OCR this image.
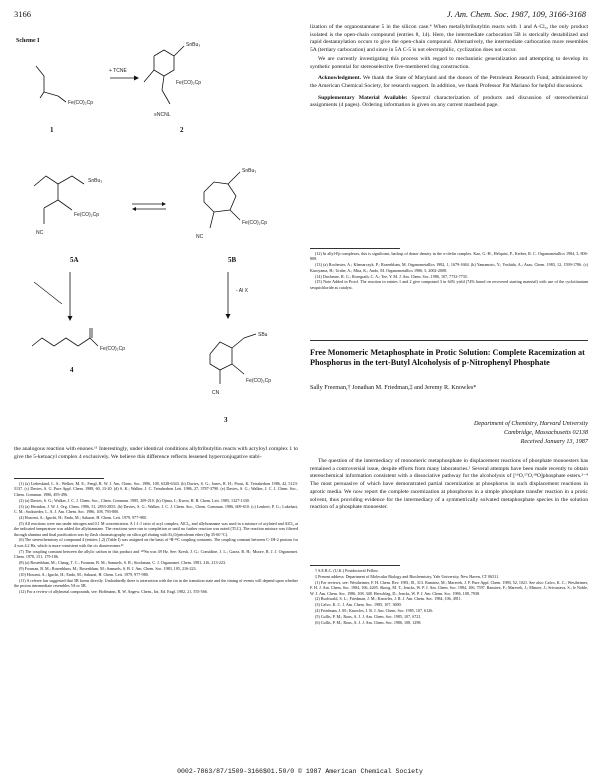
3166	J. Am. Chem. Soc. 1987, 109, 3166-3168
Scheme I
Fe(CO)₂Cp
1
+ TCNE
SnBu₃
Fe(CO)₂Cp
≡NCNL
2
SnBu₃
Fe(CO)₂Cp
NC
5A
SnBu₃
Fe(CO)₂Cp
NC
5B
Fe(CO)₂Cp
4
- Al X
SBu
Fe(CO)₂Cp
CN
3

the analogous reaction with enones.¹¹ Interestingly, under identical conditions allyltributyltin reacts with acryloyl complex 1 to give the 5-ketoacyl complex 4 exclusively. We believe this difference reflects lessened hyperconjugative stabi-

(1) (a) Liebeskind, L. S.; Welker, M. E.; Fengl, R. W. J. Am. Chem. Soc. 1986, 108, 6328-6343. (b) Davies, S. G.; Jones, R. H.; Prout, K. Tetrahedron 1986, 42, 5123-5137. (c) Davies, S. G. Pure Appl. Chem. 1988, 60, 13-20. (d) S. K.; Walker, J. C. Tetrahedron Lett. 1986, 27, 3787-3790. (e) Davies, S. G.; Walker, J. C. J. Chem. Soc., Chem. Commun. 1986, 495-496.

(2) (a) Davies, S. G.; Walker, J. C. J. Chem. Soc., Chem. Commun. 1985, 209-210. (b) Ojima, I.; Kwon, H. B. Chem. Lett. 1985, 1327-1330.

(3) (a) Herndon, J. W. J. Org. Chem. 1986, 51, 2853-2855. (b) Davies, S. G.; Walker, J. C. J. Chem. Soc., Chem. Commun. 1986, 609-610. (c) Lenhert, P. G.; Lukehart, C. M.; Sacksteder, L. A. J. Am. Chem. Soc. 1986, 108, 793-800.

(4) Hosomi, A.; Iguchi, H.; Endo, M.; Sakurai, H. Chem. Lett. 1979, 977-980.

(5) All reactions were run under nitrogen and 0.1 M concentration. A 1:1:1 ratio of acyl complex, AlCl₃, and allylstannane was used in a mixture of acylated and AlCl₃ at the indicated temperature was added the allylstannane. The reactions were run to completion or until no further reaction was noted (TLC). The reaction mixture was filtered through alumina and final purification was by flash chromatography on silica gel eluting with Et₂O/petroleum ether (bp 35-60 °C).

(6) The stereochemistry of compound 4 (entries 1,2) (Table I) was assigned on the basis of ¹H-¹³C coupling constants. The coupling constant between C-1H-2 protons for 4 was 4.2 Hz, which is more consistent with the cis diastereomer.¹²

(7) The coupling constant between the allylic carbon in this product and ¹¹⁹Sn was 49 Hz. See: Kresh, J. G.; Considine, J. L.; Garza, R. H.; Moore, R. J. J. Organomet. Chem. 1978, 151, 179-186.

(8) (a) Rosenblum, M.; Chang, T. C.; Foxman, B. M.; Samuels, S. B.; Stockman, C. J. Organomet. Chem. 1981, 216, 213-223.

(9) Foxman, B. M.; Rosenblum, M.; Rosenblum, M.; Samuels, S. B. J. Am. Chem. Soc. 1983, 105, 216-223.

(10) Hosomi, A.; Iguchi, H.; Endo, M.; Sakurai, H. Chem. Lett. 1979, 977-980.

(11) A referee has suggested that 5B forms directly. Undoubtedly there is interaction with the tin in the transition state and the timing of events will depend upon whether the proton intermediate resembles 5A or 5B.

(12) For a review of allylmetal compounds, see: Hoffmann, R. W. Angew. Chem., Int. Ed. Engl. 1982, 21, 555-566.

lization of the organostannane 5 in the silicon case.⁴ When metallyltributyltin reacts with 1 and A·Cl₃, the only product isolated is the open-chain compound (entries 8, 14). Here, the intermediate carbocation 5B is sterically destabilized and rapid destannylation occurs to give the open-chain compound. Alternatively, the intermediate carbocation more resembles 5A (tertiary carbocation) and since in 5A C-5 is not electrophilic, cyclization does not occur.

We are currently investigating this process with regard to mechanistic generalization and attempting to develop its synthetic potential for stereoselective five-membered ring construction.

Acknowledgment. We thank the State of Maryland and the donors of the Petroleum Research Fund, administered by the American Chemical Society, for research support. In addition, we thank Professor Pat Mariano for helpful discussions.

Supplementary Material Available: Spectral characterization of products and discussion of stereochemical assignments (4 pages). Ordering information is given on any current masthead page.

(12) In allyl-Fp complexes, this is significant, backup of donor density in the π-olefin complex. Kao, G.-H., Helquist, P., Kerber, R. C. Organometallics 1984, 3, 806-808.

(13) (a) Rochester, A.; Klemarczyk, P.; Rosenblum, M. Organometallics 1982, 1, 1679-1684. (b) Yamamoto, Y.; Yoshida, A.; Asao, Chem. 1983, 12, 1599-1786. (c) Kuroyama, H.; Urabe, A.; Mita, K.; Ando, M. Organometallics 1986, 5, 2002-2008.

(14) Duchesne, R. G.; Rosegrath, C. A.; Tee, Y. M. J. Am. Chem. Soc. 1986, 107, 7733-7735.

(15) Note Added in Proof. The reaction in entries 1 and 2 give compound 3 in 64% yield (74% based on recovered starting material) with use of the cyclotitanium sesquichloride as catalyst.

Free Monomeric Metaphosphate in Protic Solution: Complete Racemization at Phosphorus in the tert-Butyl Alcoholysis of p-Nitrophenyl Phosphate
Sally Freeman,† Jonathan M. Friedman,‡ and Jeremy R. Knowles*
Department of Chemistry, Harvard University
Cambridge, Massachusetts 02138
Received January 13, 1987

The question of the intermediacy of monomeric metaphosphate in displacement reactions of phosphate monoesters has remained a controversial issue, despite efforts from many laboratories.¹ Several attempts have been made recently to obtain stereochemical information consistent with a dissociative pathway for the alcoholysis of [¹⁶O,¹⁷O,¹⁸O]phosphate esters.²⁻⁴ The most persuasive of which have demonstrated partial racemization at phosphorus in such displacement reactions in aprotic media. We now report the complete racemization at phosphorus in a simple phosphate transfer reaction in a protic solvent, thus providing evidence for the intermediacy of a symmetrically solvated metaphosphate species in the solution reaction of a phosphate monoester.

† S.E.R.C. (U.K.) Postdoctoral Fellow.

‡ Present address: Department of Molecular Biology and Biochemistry, Yale University, New Haven, CT 06511.

(1) For reviews, see: Westheimer, F. H. Chem. Rev. 1981, 81, 313. Ramirez, M.; Marecek, J. F. Pure Appl. Chem. 1980, 52, 1021. See also: Calvo, K. C.; Westheimer, F. H. J. Am. Chem. Soc. 1984, 106, 4205. Skoog, M. T.; Jencks, W. P. J. Am. Chem. Soc. 1984, 106, 7597. Ramirez, F.; Marecek, J.; Minore, J.; Srivastava, S.; le Noble, W. J. Am. Chem. Soc. 1986, 108, 348. Herschlag, D.; Jencks, W. P. J. Am. Chem. Soc. 1986, 108, 7938.

(2) Buchwald, S. L.; Friedman, J. M.; Knowles, J. R. J. Am. Chem. Soc. 1984, 106, 4911.

(3) Calvo, K. C. J. Am. Chem. Soc. 1985, 107, 3690.

(4) Friedman, J. M.; Knowles, J. R. J. Am. Chem. Soc. 1985, 107, 6126.

(5) Cullis, P. M.; Rous, A. J. J. Am. Chem. Soc. 1985, 107, 6721.

(6) Cullis, P. M.; Rous, A. J. J. Am. Chem. Soc. 1986, 108, 1298.

0002-7863/87/1509-3166$01.50/0 © 1987 American Chemical Society
